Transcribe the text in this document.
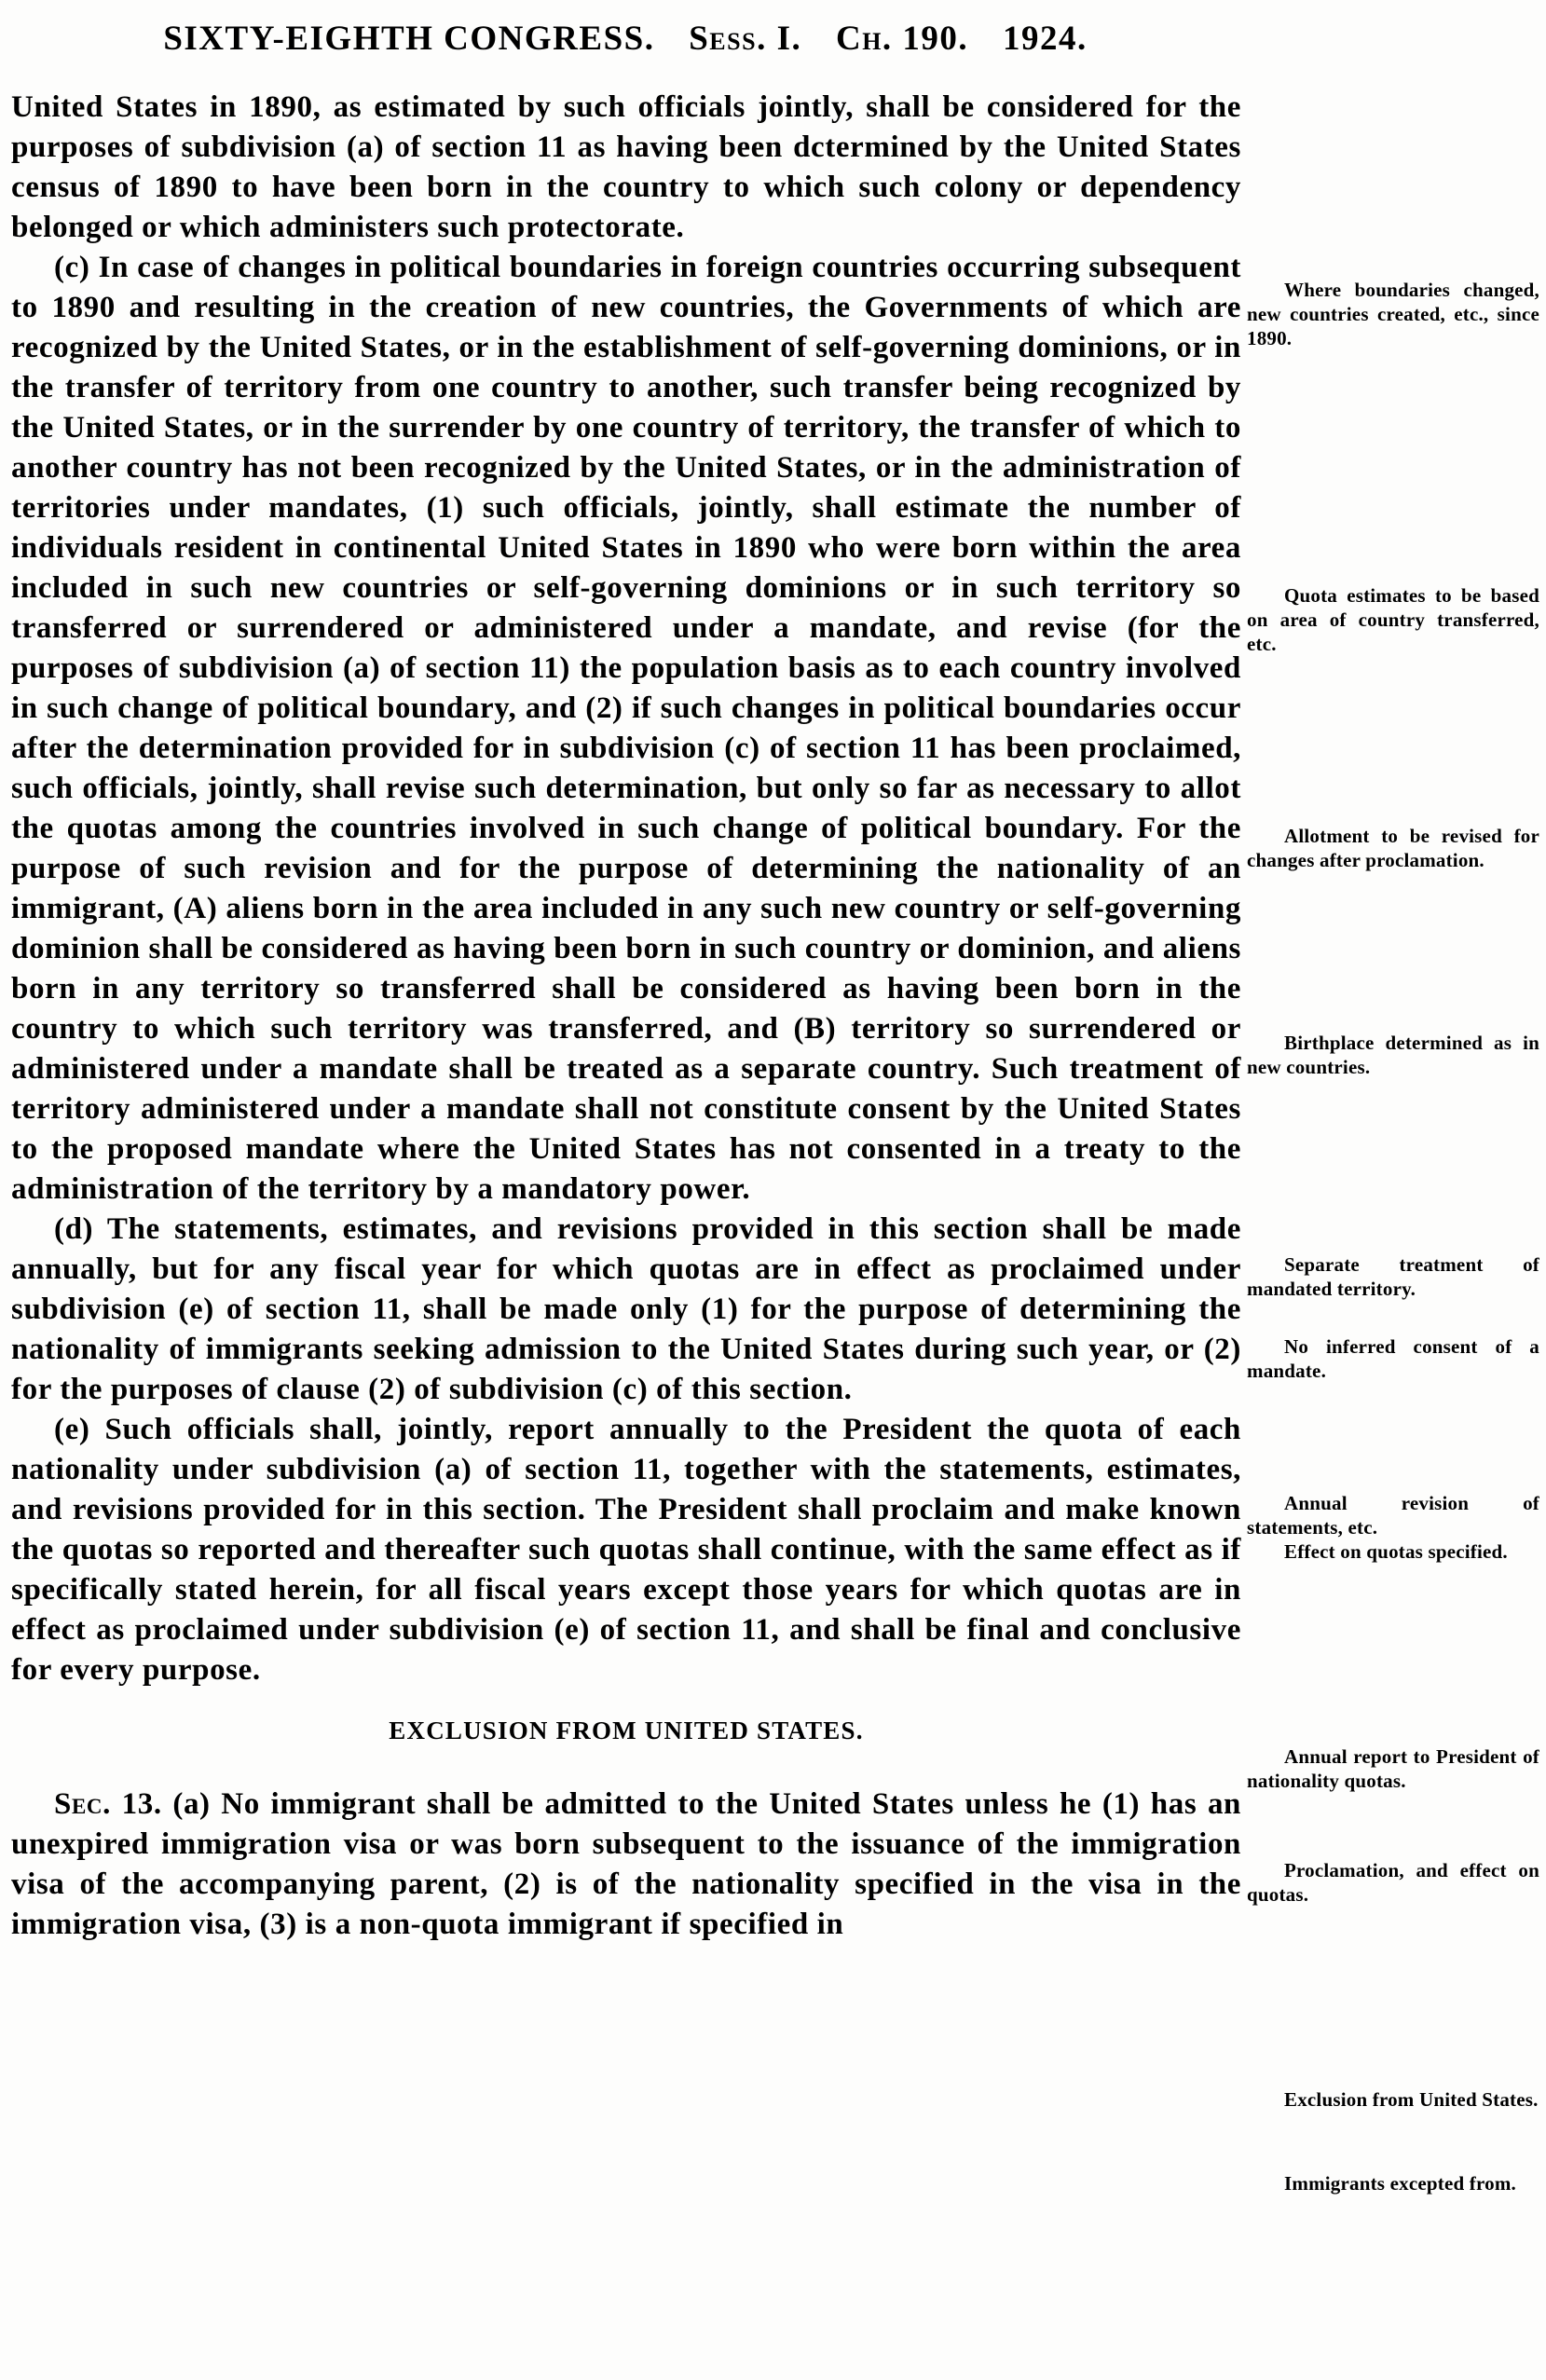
SIXTY-EIGHTH CONGRESS. Sess. I. Ch. 190. 1924.

United States in 1890, as estimated by such officials jointly, shall be considered for the purposes of subdivision (a) of section 11 as having been dctermined by the United States census of 1890 to have been born in the country to which such colony or dependency belonged or which administers such protectorate.

(c) In case of changes in political boundaries in foreign countries occurring subsequent to 1890 and resulting in the creation of new countries, the Governments of which are recognized by the United States, or in the establishment of self-governing dominions, or in the transfer of territory from one country to another, such transfer being recognized by the United States, or in the surrender by one country of territory, the transfer of which to another country has not been recognized by the United States, or in the administration of territories under mandates, (1) such officials, jointly, shall estimate the number of individuals resident in continental United States in 1890 who were born within the area included in such new countries or self-governing dominions or in such territory so transferred or surrendered or administered under a mandate, and revise (for the purposes of subdivision (a) of section 11) the population basis as to each country involved in such change of political boundary, and (2) if such changes in political boundaries occur after the determination provided for in subdivision (c) of section 11 has been proclaimed, such officials, jointly, shall revise such determination, but only so far as necessary to allot the quotas among the countries involved in such change of political boundary. For the purpose of such revision and for the purpose of determining the nationality of an immigrant, (A) aliens born in the area included in any such new country or self-governing dominion shall be considered as having been born in such country or dominion, and aliens born in any territory so transferred shall be considered as having been born in the country to which such territory was transferred, and (B) territory so surrendered or administered under a mandate shall be treated as a separate country. Such treatment of territory administered under a mandate shall not constitute consent by the United States to the proposed mandate where the United States has not consented in a treaty to the administration of the territory by a mandatory power.

(d) The statements, estimates, and revisions provided in this section shall be made annually, but for any fiscal year for which quotas are in effect as proclaimed under subdivision (e) of section 11, shall be made only (1) for the purpose of determining the nationality of immigrants seeking admission to the United States during such year, or (2) for the purposes of clause (2) of subdivision (c) of this section.

(e) Such officials shall, jointly, report annually to the President the quota of each nationality under subdivision (a) of section 11, together with the statements, estimates, and revisions provided for in this section. The President shall proclaim and make known the quotas so reported and thereafter such quotas shall continue, with the same effect as if specifically stated herein, for all fiscal years except those years for which quotas are in effect as proclaimed under subdivision (e) of section 11, and shall be final and conclusive for every purpose.

EXCLUSION FROM UNITED STATES.

Sec. 13. (a) No immigrant shall be admitted to the United States unless he (1) has an unexpired immigration visa or was born subsequent to the issuance of the immigration visa of the accompanying parent, (2) is of the nationality specified in the visa in the immigration visa, (3) is a non-quota immigrant if specified in

Where boundaries changed, new countries created, etc., since 1890.
Quota estimates to be based on area of country transferred, etc.
Allotment to be revised for changes after proclamation.
Birthplace determined as in new countries.
Separate treatment of mandated territory.
No inferred consent of a mandate.
Annual revision of statements, etc.
Effect on quotas specified.
Annual report to President of nationality quotas.
Proclamation, and effect on quotas.
Exclusion from United States.
Immigrants excepted from.
